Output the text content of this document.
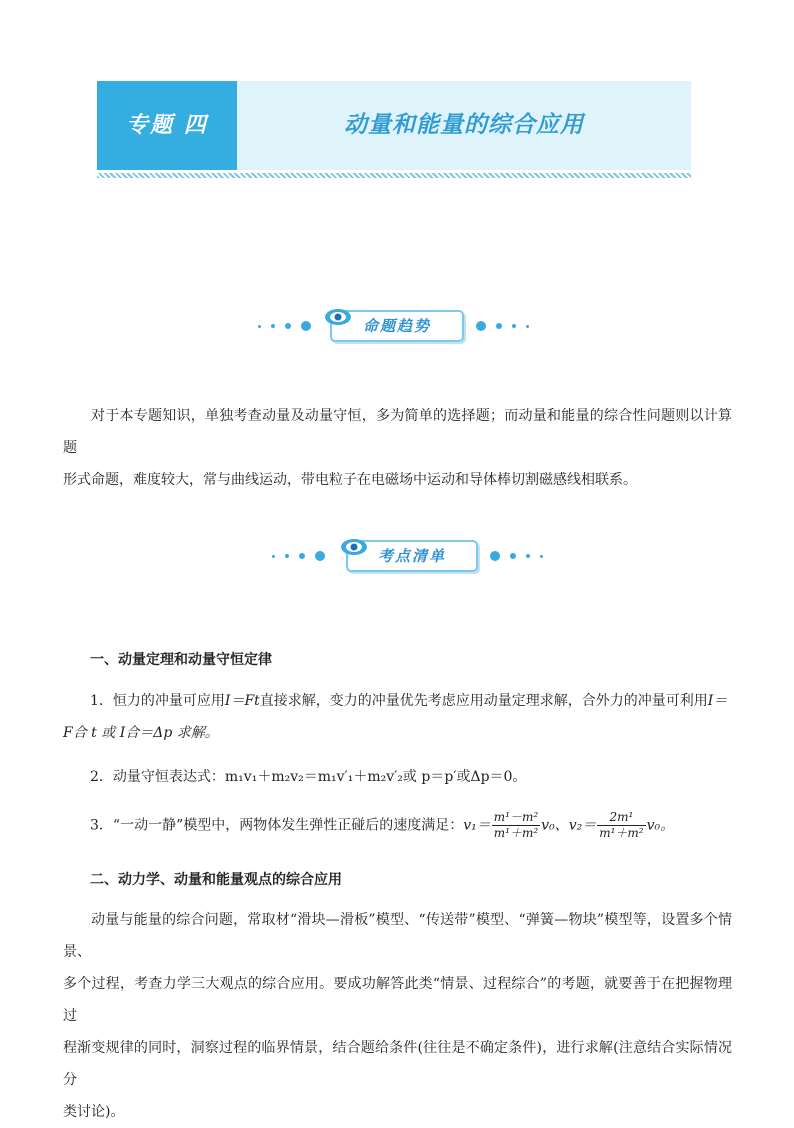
专题 四	动量和能量的综合应用
命题趋势

对于本专题知识，单独考查动量及动量守恒，多为简单的选择题；而动量和能量的综合性问题则以计算题
形式命题，难度较大，常与曲线运动，带电粒子在电磁场中运动和导体棒切割磁感线相联系。

考点清单

一、动量定理和动量守恒定律

1．恒力的冲量可应用I＝Ft直接求解，变力的冲量优先考虑应用动量定理求解，合外力的冲量可利用I＝

F合 t 或 I合＝Δp 求解。

2．动量守恒表达式：m₁v₁＋m₂v₂＝m₁v′₁＋m₂v′₂或 p＝p′或Δp＝0。

3．“一动一静”模型中，两物体发生弹性正碰后的速度满足：$v_1= \frac{\text{m¹－m²}}{\text{m¹＋m²}} v_0$、$v_2= \frac{\text{2m¹}}{\text{m¹＋m²}} v_0$。

二、动力学、动量和能量观点的综合应用

动量与能量的综合问题，常取材“滑块—滑板”模型、“传送带”模型、“弹簧—物块”模型等，设置多个情景、
多个过程，考查力学三大观点的综合应用。要成功解答此类“情景、过程综合”的考题，就要善于在把握物理过
程渐变规律的同时，洞察过程的临界情景，结合题给条件(往往是不确定条件)，进行求解(注意结合实际情况分
类讨论)。
